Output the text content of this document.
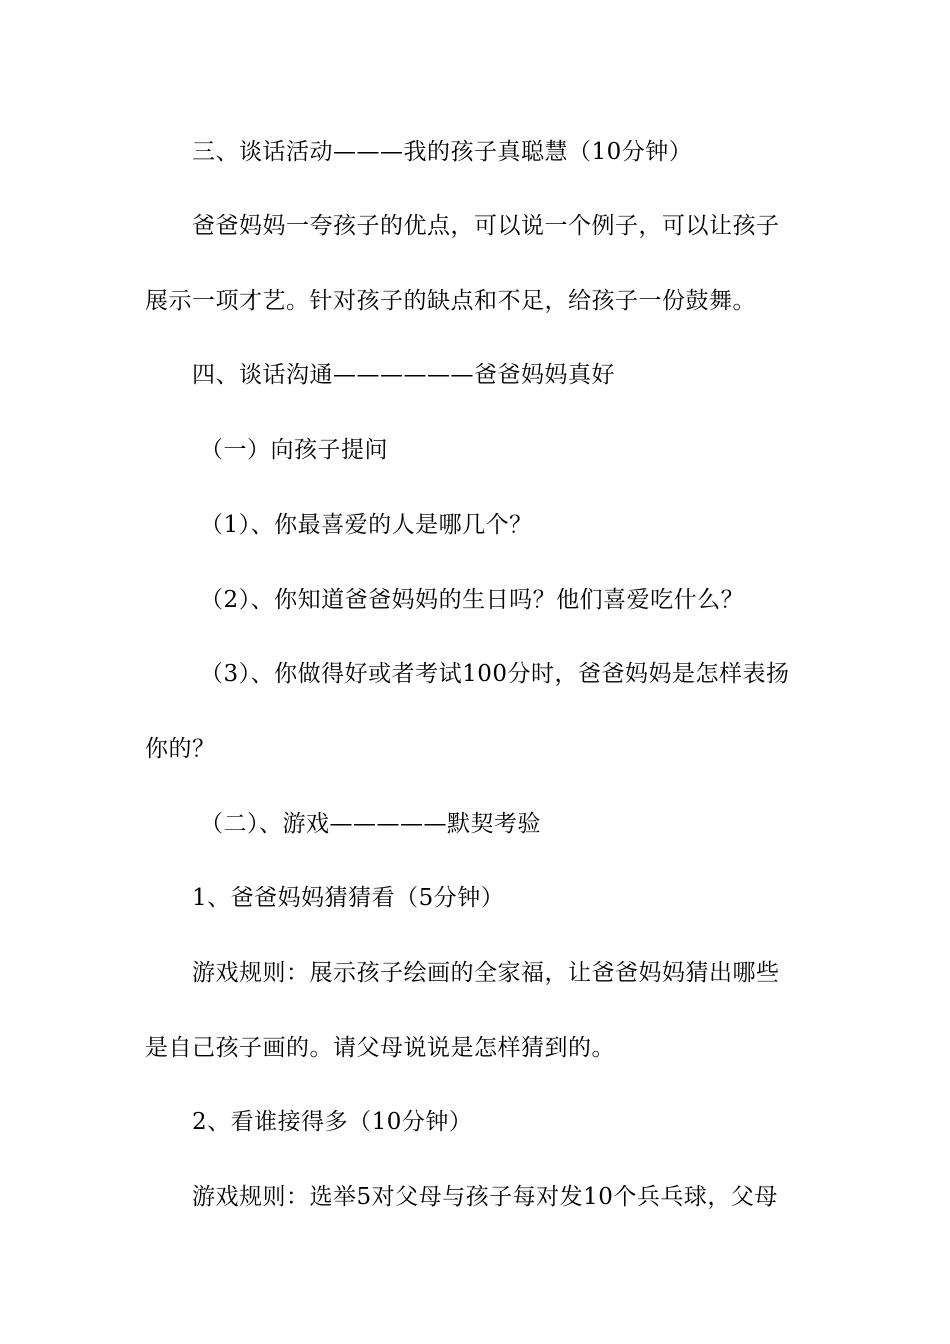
三、谈话活动———我的孩子真聪慧（10分钟）
爸爸妈妈一夸孩子的优点，可以说一个例子，可以让孩子
展示一项才艺。针对孩子的缺点和不足，给孩子一份鼓舞。
四、谈话沟通——————爸爸妈妈真好
（一）向孩子提问
（1）、你最喜爱的人是哪几个？
（2）、你知道爸爸妈妈的生日吗？他们喜爱吃什么？
（3）、你做得好或者考试100分时，爸爸妈妈是怎样表扬
你的？
（二）、游戏—————默契考验
1、爸爸妈妈猜猜看（5分钟）
游戏规则：展示孩子绘画的全家福，让爸爸妈妈猜出哪些
是自己孩子画的。请父母说说是怎样猜到的。
2、看谁接得多（10分钟）
游戏规则：选举5对父母与孩子每对发10个兵乓球，父母
